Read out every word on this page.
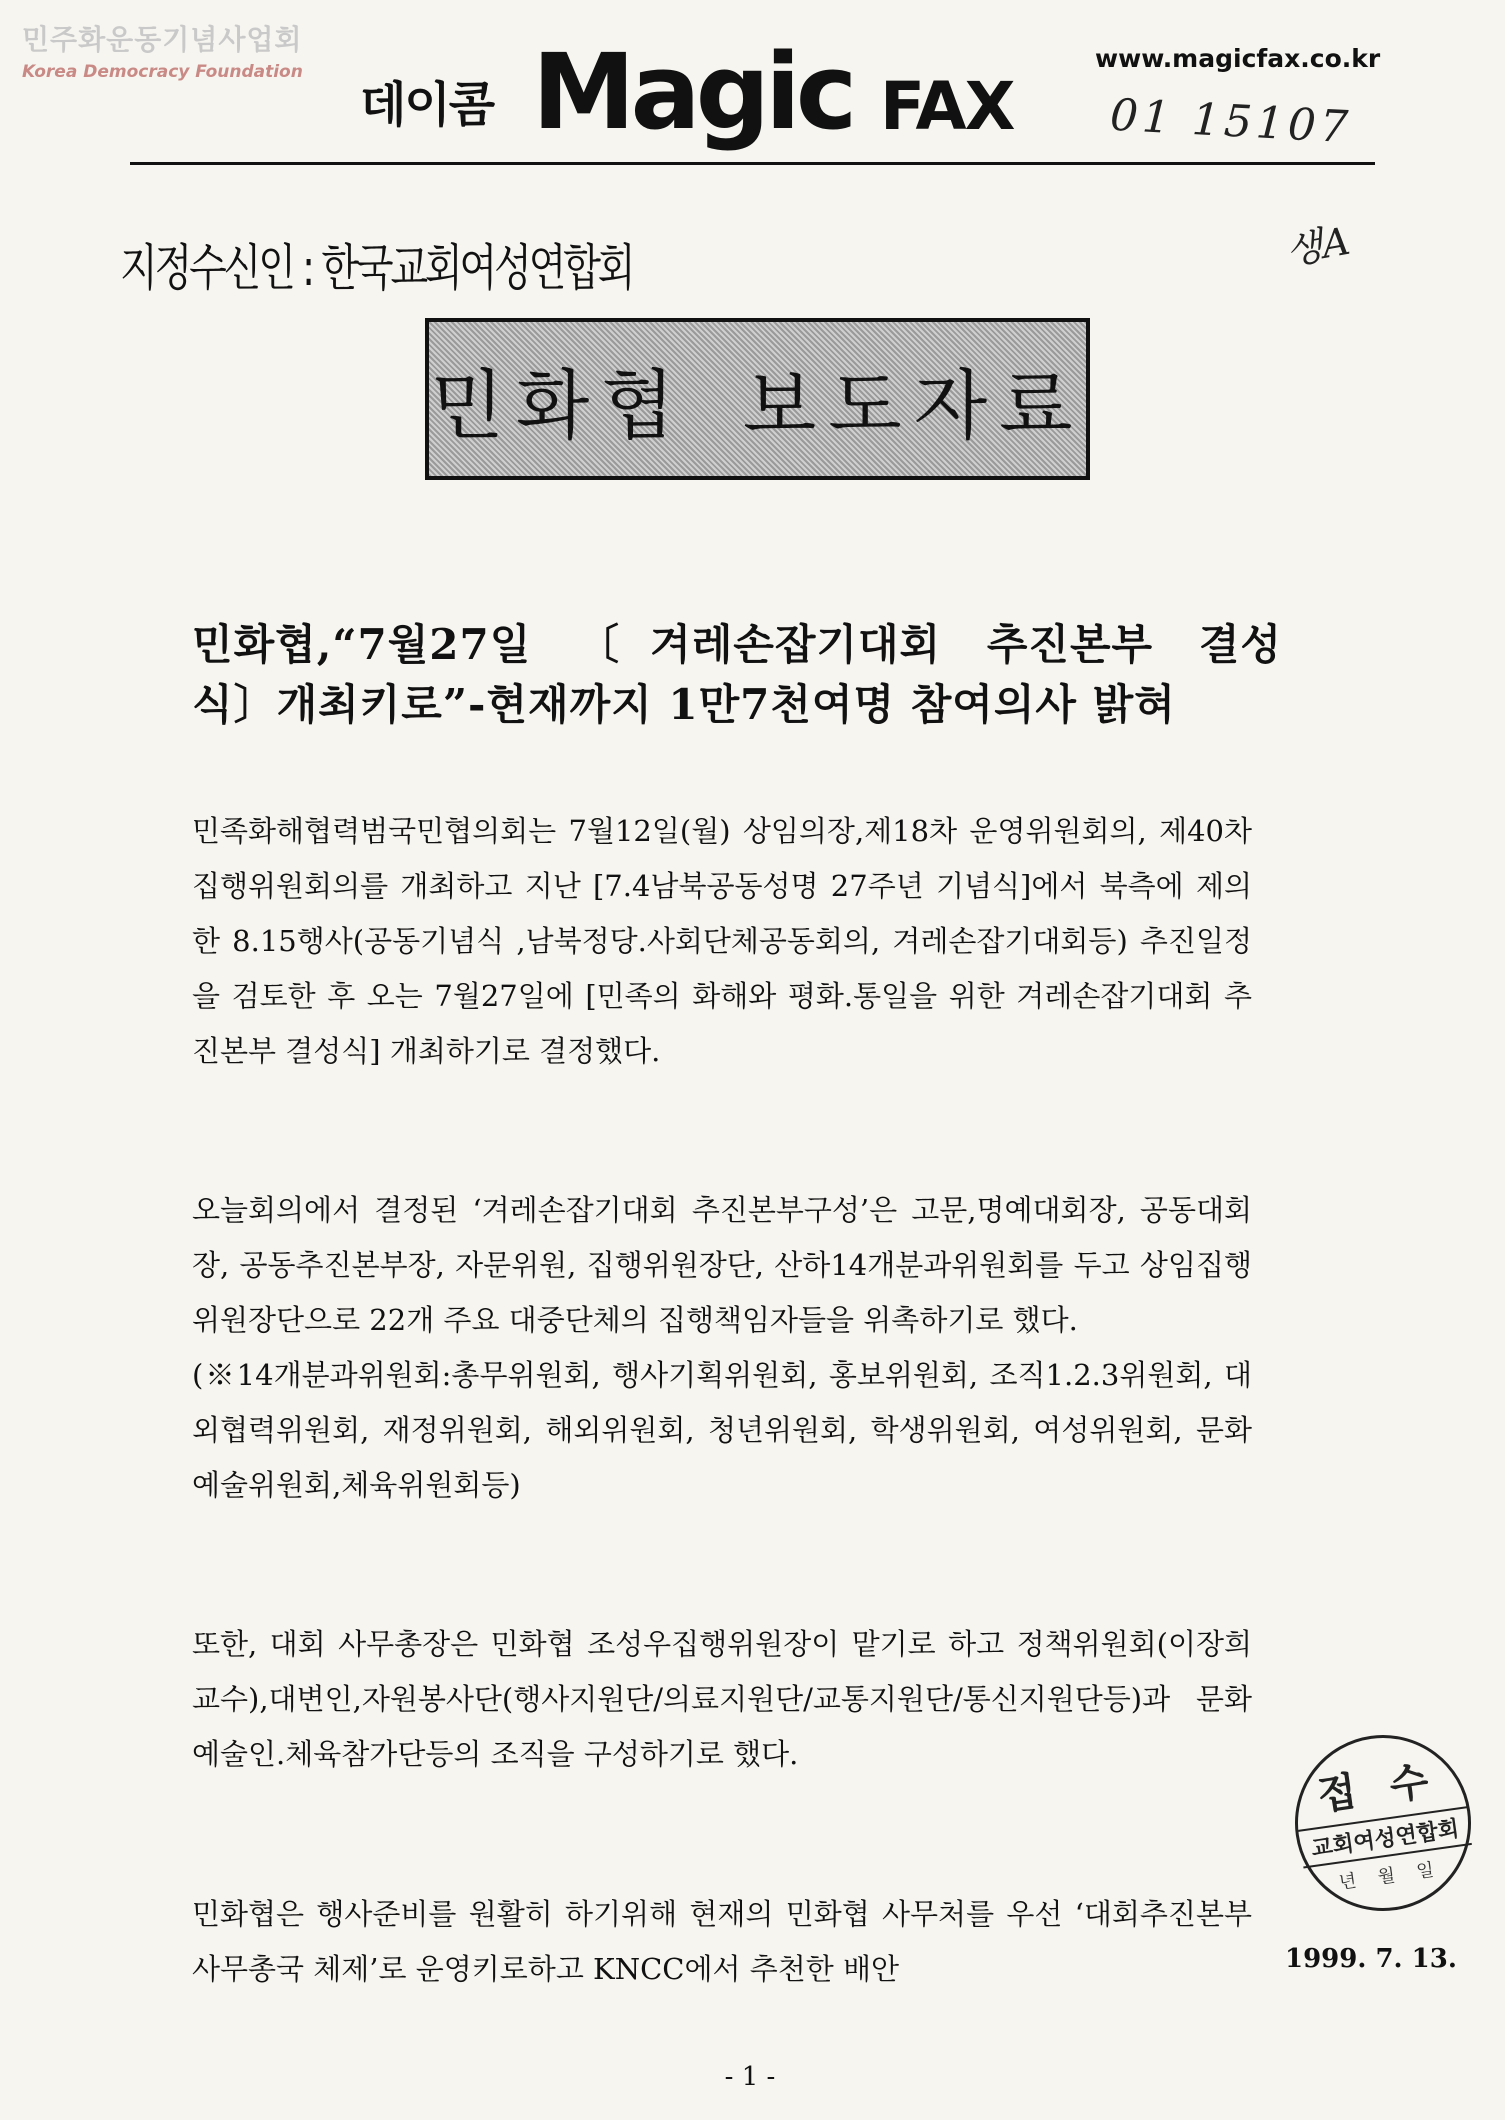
민주화운동기념사업회
Korea Democracy Foundation
데이콤 Magic FAX
www.magicfax.co.kr
01 15107
생A
지정수신인 : 한국교회여성연합회
민화협 보도자료
민화협,“7월27일 〔겨레손잡기대회 추진본부 결성
식〕개최키로”-현재까지 1만7천여명 참여의사 밝혀

민족화해협력범국민협의회는 7월12일(월) 상임의장,제18차 운영위원회의, 제40차 집행위원회의를 개최하고 지난 [7.4남북공동성명 27주년 기념식]에서 북측에 제의한 8.15행사(공동기념식 ,남북정당.사회단체공동회의, 겨레손잡기대회등) 추진일정을 검토한 후 오는 7월27일에 [민족의 화해와 평화.통일을 위한 겨레손잡기대회 추진본부 결성식] 개최하기로 결정했다.

오늘회의에서 결정된 ‘겨레손잡기대회 추진본부구성’은 고문,명예대회장, 공동대회장, 공동추진본부장, 자문위원, 집행위원장단, 산하14개분과위원회를 두고 상임집행위원장단으로 22개 주요 대중단체의 집행책임자들을 위촉하기로 했다.

(※14개분과위원회:총무위원회, 행사기획위원회, 홍보위원회, 조직1.2.3위원회, 대외협력위원회, 재정위원회, 해외위원회, 청년위원회, 학생위원회, 여성위원회, 문화예술위원회,체육위원회등)

또한, 대회 사무총장은 민화협 조성우집행위원장이 맡기로 하고 정책위원회(이장희교수),대변인,자원봉사단(행사지원단/의료지원단/교통지원단/통신지원단등)과 문화예술인.체육참가단등의 조직을 구성하기로 했다.

민화협은 행사준비를 원활히 하기위해 현재의 민화협 사무처를 우선 ‘대회추진본부 사무총국 체제’로 운영키로하고 KNCC에서 추천한 배안

접 수
교회여성연합회
년 월 일
1999. 7. 13.
- 1 -
